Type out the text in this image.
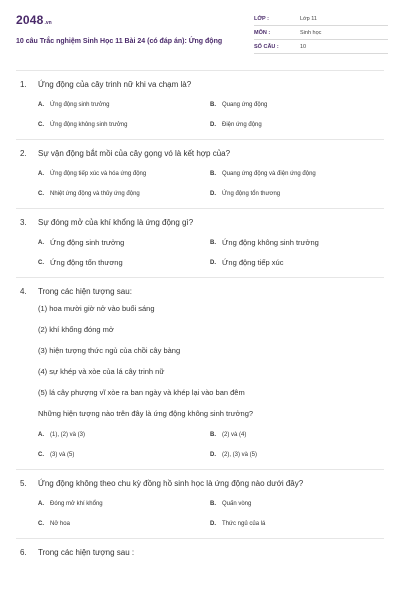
2048 .vn
10 câu Trắc nghiệm Sinh Học 11 Bài 24 (có đáp án): Ứng động
LỚP :	Lớp 11
MÔN :	Sinh học
SỐ CÂU :	10
1.	Ứng động của cây trinh nữ khi va chạm là?
A.	Ứng động sinh trưởng	B.	Quang ứng động
C.	Ứng động không sinh trưởng	D.	Điện ứng động
2.	Sự vận động bắt mồi của cây gọng vó là kết hợp của?
A.	Ứng động tiếp xúc và hóa ứng động	B.	Quang ứng động và điện ứng động
C.	Nhiệt ứng động và thủy ứng động	D.	Ứng động tổn thương
3.	Sự đóng mở của khí khổng là ứng động gì?
A. Ứng động sinh trưởng	B. Ứng động không sinh trưởng
C. Ứng động tổn thương	D. Ứng động tiếp xúc
4.	Trong các hiện tượng sau:
(1) hoa mười giờ nở vào buổi sáng
(2) khí khổng đóng mở
(3) hiện tượng thức ngủ của chồi cây bàng
(4) sự khép và xòe của lá cây trinh nữ
(5) lá cây phượng vĩ xòe ra ban ngày và khép lại vào ban đêm
Những hiện tượng nào trên đây là ứng động không sinh trưởng?
A.	(1), (2) và (3)	B.	(2) và (4)
C.	(3) và (5)	D.	(2), (3) và (5)
5.	Ứng động không theo chu kỳ đồng hồ sinh học là ứng động nào dưới đây?
A.	Đóng mở khí khổng	B.	Quấn vòng
C.	Nở hoa	D.	Thức ngủ của lá
6.	Trong các hiện tượng sau :
